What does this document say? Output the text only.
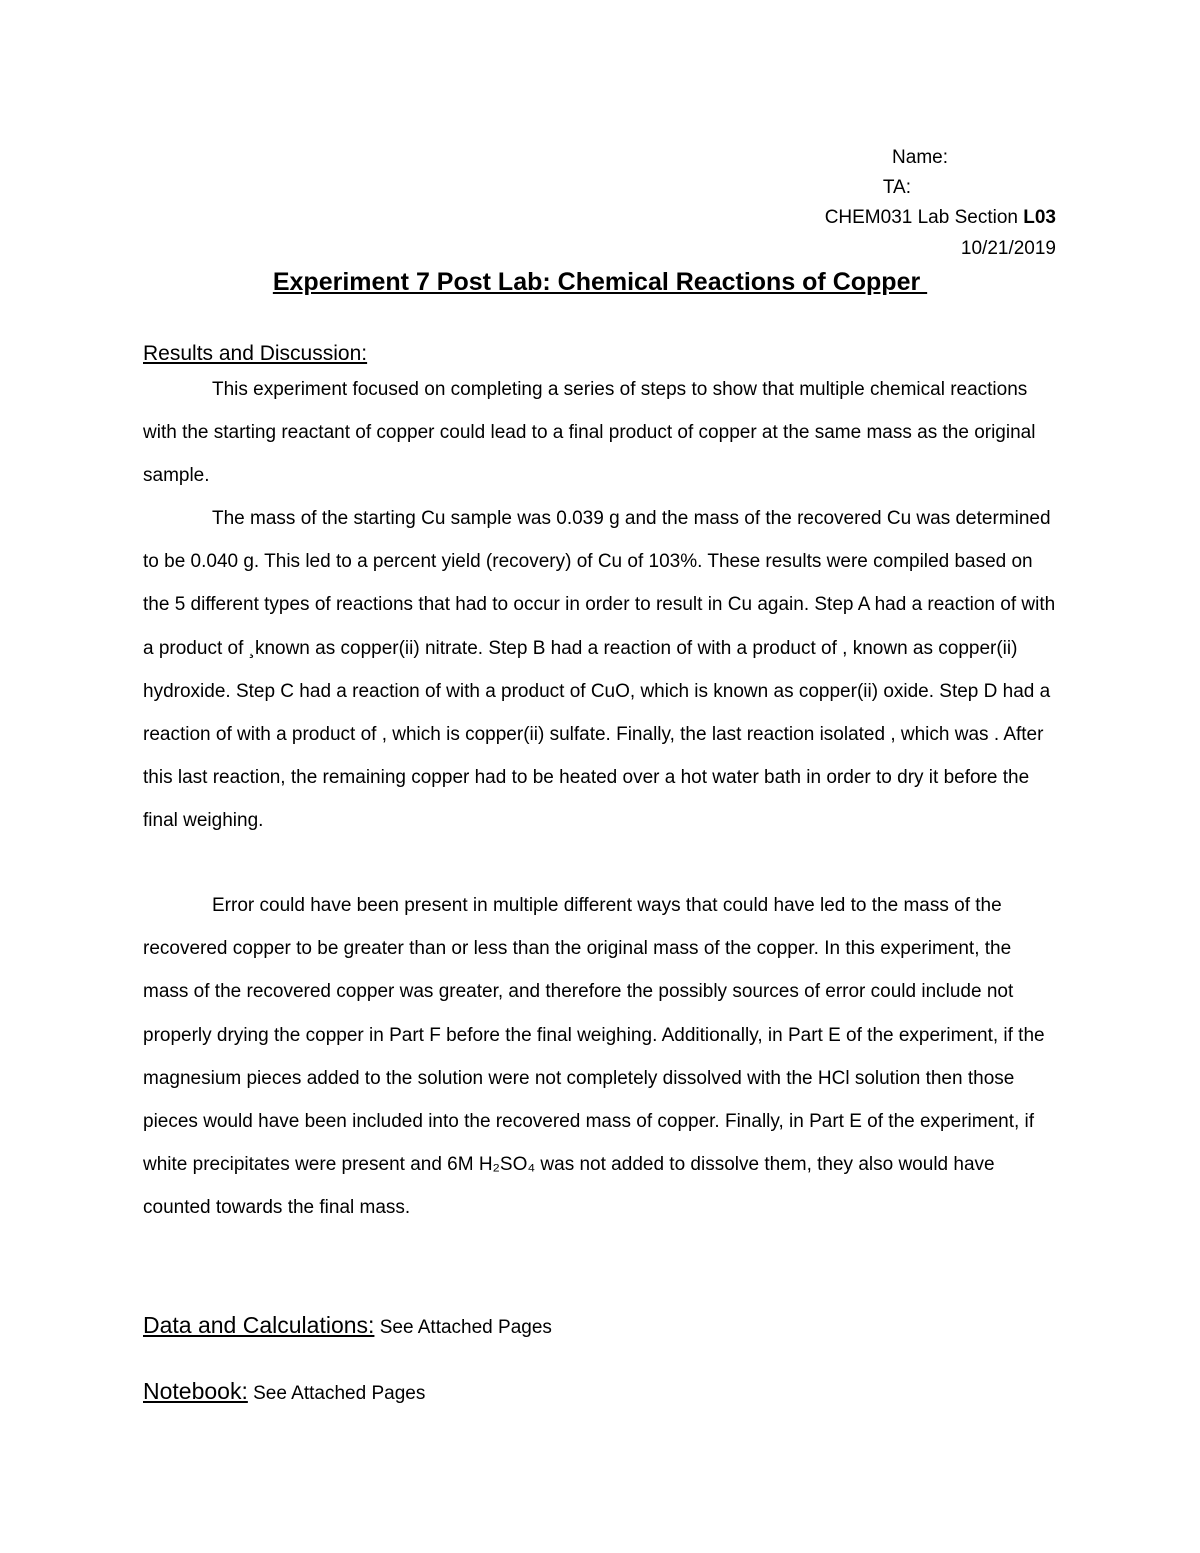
Name:
TA:
CHEM031 Lab Section L03
10/21/2019
Experiment 7 Post Lab: Chemical Reactions of Copper
Results and Discussion:

This experiment focused on completing a series of steps to show that multiple chemical reactions with the starting reactant of copper could lead to a final product of copper at the same mass as the original sample.

The mass of the starting Cu sample was 0.039 g and the mass of the recovered Cu was determined to be 0.040 g. This led to a percent yield (recovery) of Cu of 103%. These results were compiled based on the 5 different types of reactions that had to occur in order to result in Cu again. Step A had a reaction of with a product of ¸known as copper(ii) nitrate. Step B had a reaction of with a product of , known as copper(ii) hydroxide. Step C had a reaction of with a product of CuO, which is known as copper(ii) oxide. Step D had a reaction of with a product of , which is copper(ii) sulfate. Finally, the last reaction isolated , which was . After this last reaction, the remaining copper had to be heated over a hot water bath in order to dry it before the final weighing.

Error could have been present in multiple different ways that could have led to the mass of the recovered copper to be greater than or less than the original mass of the copper. In this experiment, the mass of the recovered copper was greater, and therefore the possibly sources of error could include not properly drying the copper in Part F before the final weighing. Additionally, in Part E of the experiment, if the magnesium pieces added to the solution were not completely dissolved with the HCl solution then those pieces would have been included into the recovered mass of copper. Finally, in Part E of the experiment, if white precipitates were present and 6M H₂SO₄ was not added to dissolve them, they also would have counted towards the final mass.

Data and Calculations: See Attached Pages
Notebook: See Attached Pages
